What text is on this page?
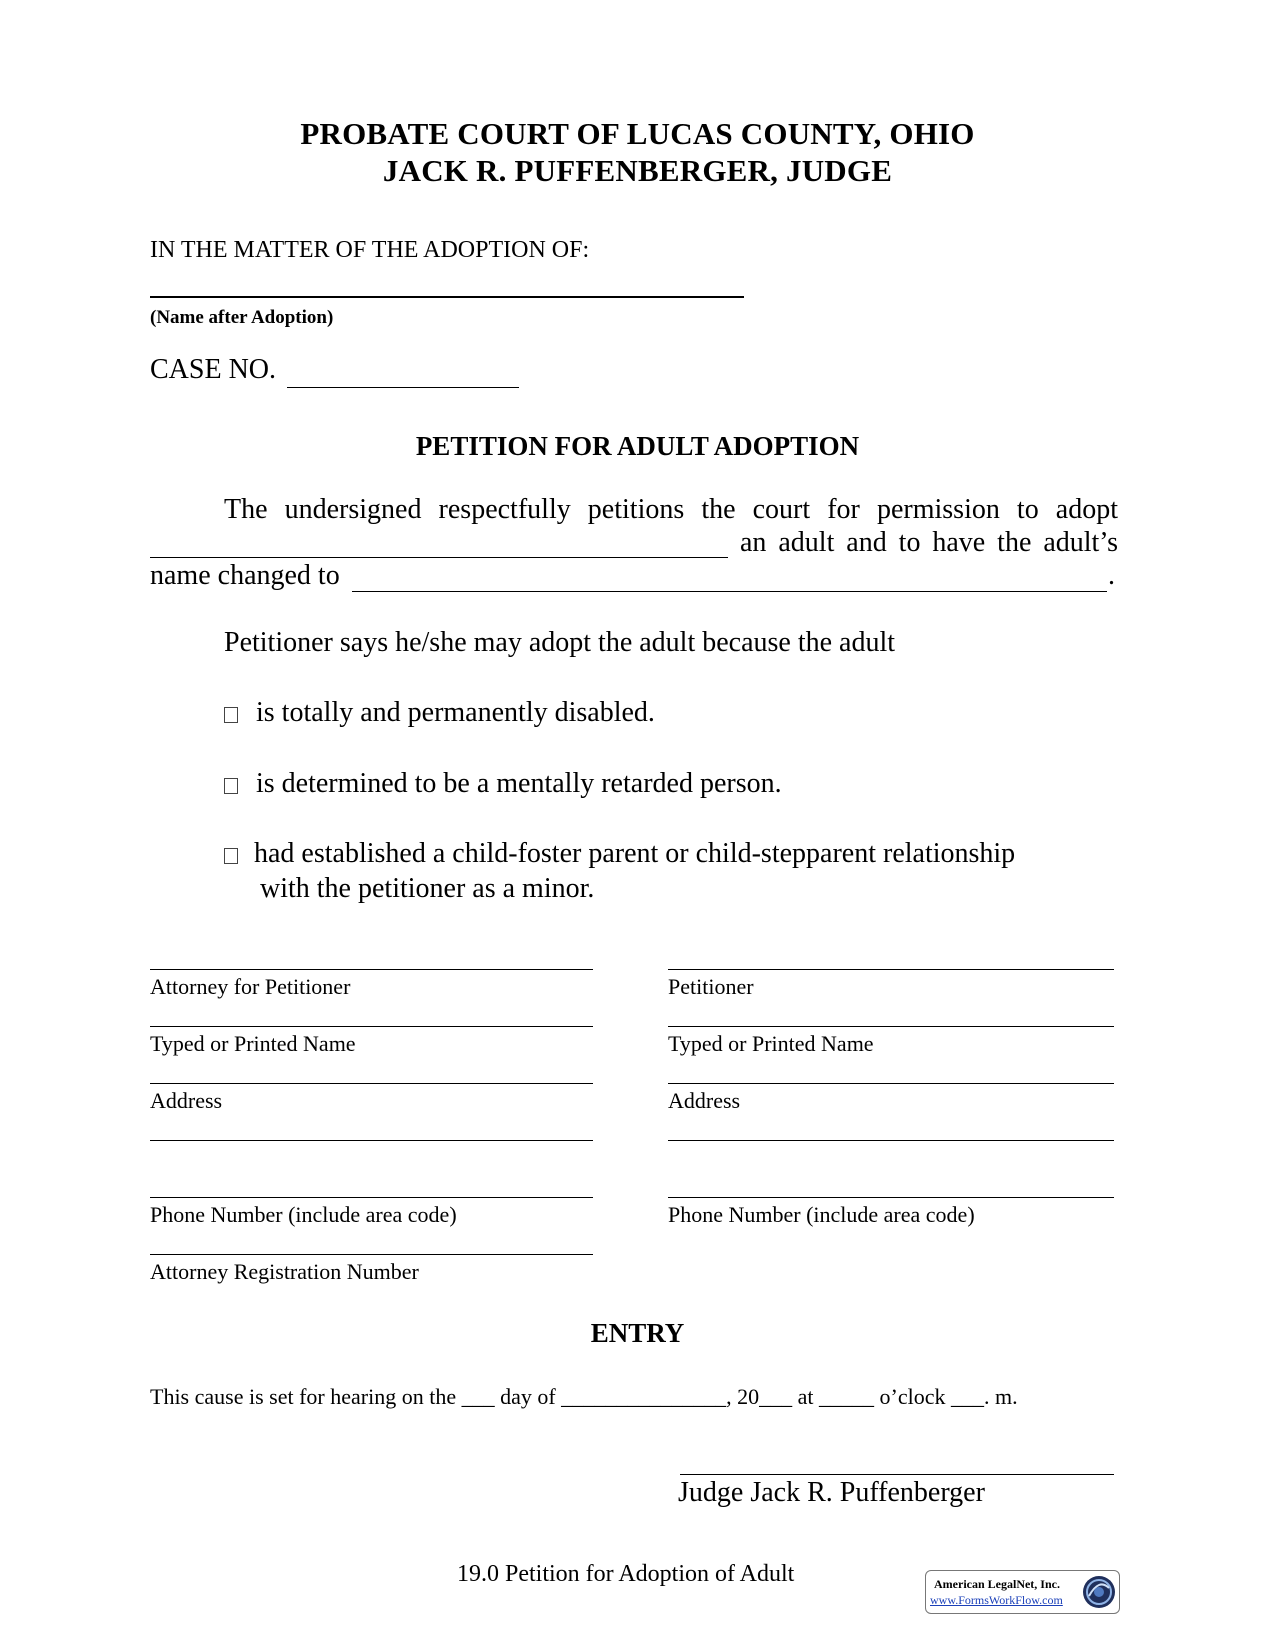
PROBATE COURT OF LUCAS COUNTY, OHIO
JACK R. PUFFENBERGER, JUDGE
IN THE MATTER OF THE ADOPTION OF:
(Name after Adoption)
CASE NO.
PETITION FOR ADULT ADOPTION
The undersigned respectfully petitions the court for permission to adopt
an adult and to have the adult’s
name changed to	.
Petitioner says he/she may adopt the adult because the adult
is totally and permanently disabled.
is determined to be a mentally retarded person.
had established a child-foster parent or child-stepparent relationship
with the petitioner as a minor.
Attorney for Petitioner
Typed or Printed Name
Address
Phone Number (include area code)
Attorney Registration Number
Petitioner
Typed or Printed Name
Address
Phone Number (include area code)
ENTRY
This cause is set for hearing on the ___ day of _______________, 20___ at _____ o’clock ___. m.
Judge Jack R. Puffenberger
19.0 Petition for Adoption of Adult	American LegalNet, Inc.
www.FormsWorkFlow.com
